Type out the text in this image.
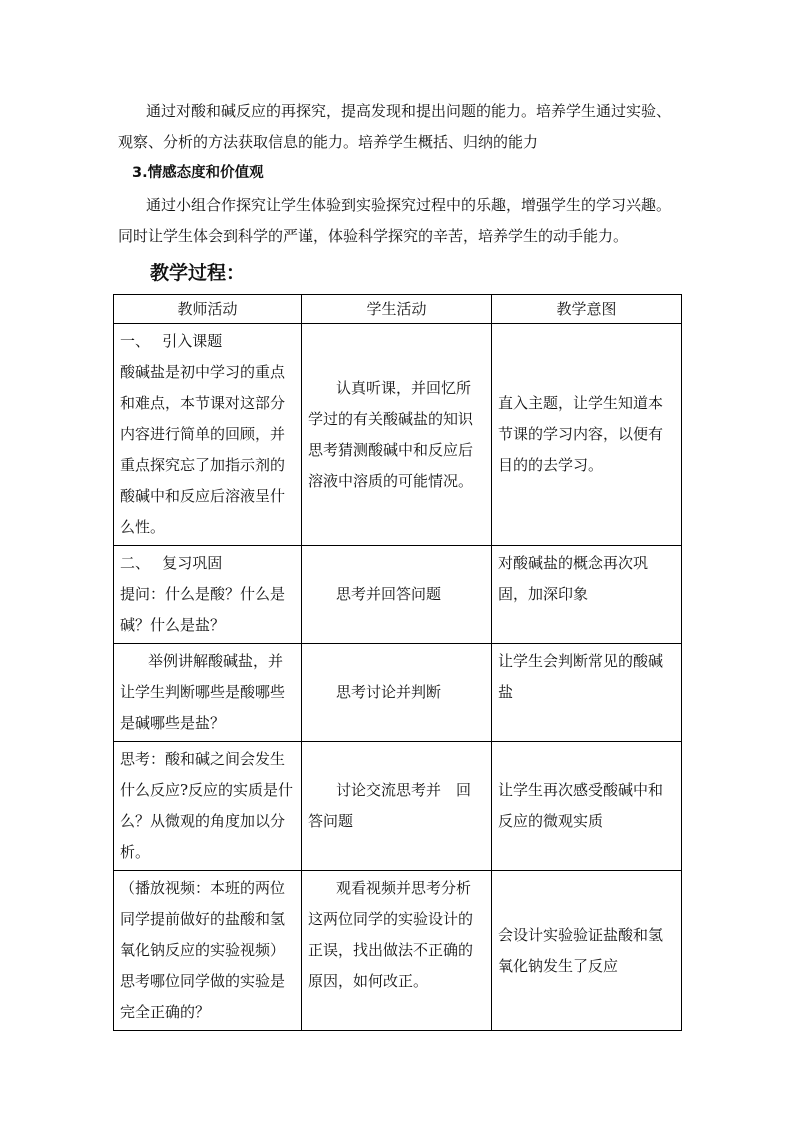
通过对酸和碱反应的再探究，提高发现和提出问题的能力。培养学生通过实验、观察、分析的方法获取信息的能力。培养学生概括、归纳的能力

3.情感态度和价值观

通过小组合作探究让学生体验到实验探究过程中的乐趣，增强学生的学习兴趣。同时让学生体会到科学的严谨，体验科学探究的辛苦，培养学生的动手能力。

教学过程：
教师活动	学生活动	教学意图

一、　 引入课题
酸碱盐是初中学习的重点和难点，本节课对这部分内容进行简单的回顾，并重点探究忘了加指示剂的酸碱中和反应后溶液呈什么性。	认真听课，并回忆所学过的有关酸碱盐的知识　思考猜测酸碱中和反应后溶液中溶质的可能情况。	直入主题，让学生知道本节课的学习内容，以便有目的的去学习。

二、　 复习巩固
提问：什么是酸？什么是碱？什么是盐？	思考并回答问题	对酸碱盐的概念再次巩固，加深印象

举例讲解酸碱盐，并让学生判断哪些是酸哪些是碱哪些是盐？	思考讨论并判断	让学生会判断常见的酸碱盐
思考：酸和碱之间会发生什么反应?反应的实质是什么？从微观的角度加以分析。	讨论交流思考并　回答问题	让学生再次感受酸碱中和反应的微观实质
（播放视频：本班的两位同学提前做好的盐酸和氢氧化钠反应的实验视频）思考哪位同学做的实验是完全正确的？	观看视频并思考分析这两位同学的实验设计的正误，找出做法不正确的原因，如何改正。	会设计实验验证盐酸和氢氧化钠发生了反应
